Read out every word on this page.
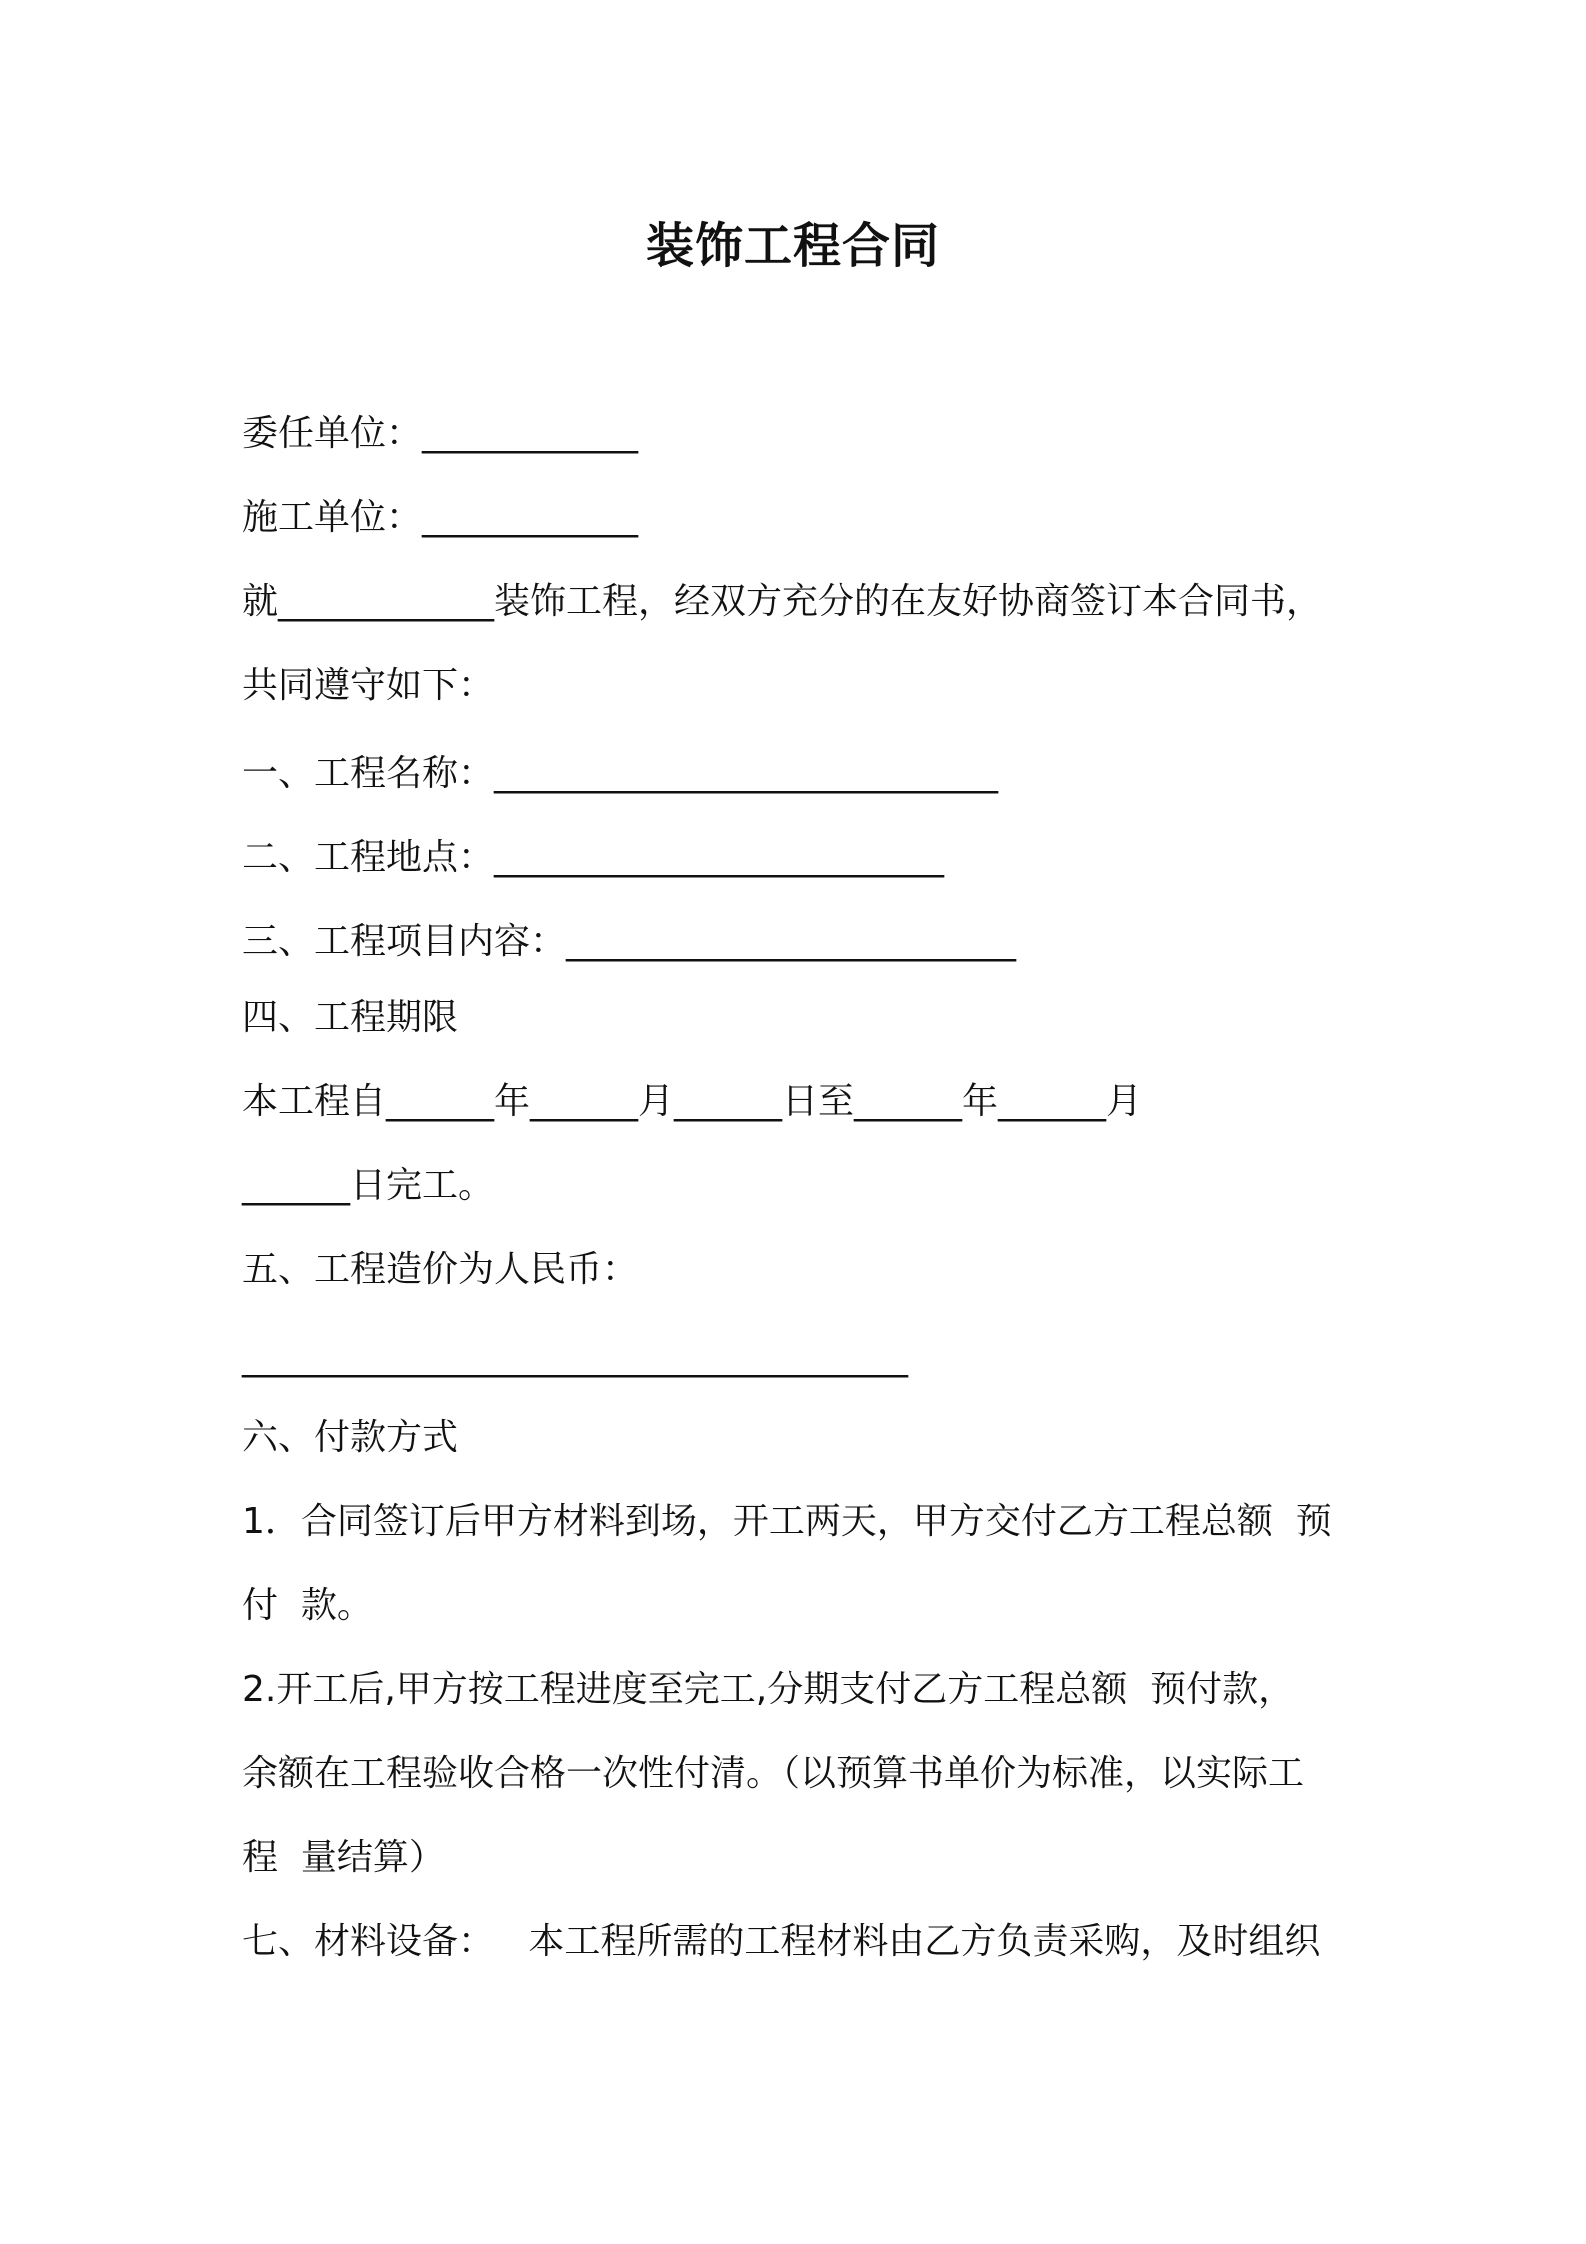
装饰工程合同
委任单位：____________
施工单位：____________
就____________装饰工程，经双方充分的在友好协商签订本合同书，
共同遵守如下：
一、工程名称：____________________________
二、工程地点：_________________________
三、工程项目内容：_________________________
四、工程期限
本工程自______年______月______日至______年______月
______日完工。
五、工程造价为人民币：
_____________________________________
六、付款方式
1．合同签订后甲方材料到场，开工两天，甲方交付乙方工程总额  预
付  款。
2.开工后,甲方按工程进度至完工,分期支付乙方工程总额  预付款，
余额在工程验收合格一次性付清。（以预算书单价为标准，以实际工
程  量结算）
七、材料设备：   本工程所需的工程材料由乙方负责采购，及时组织
